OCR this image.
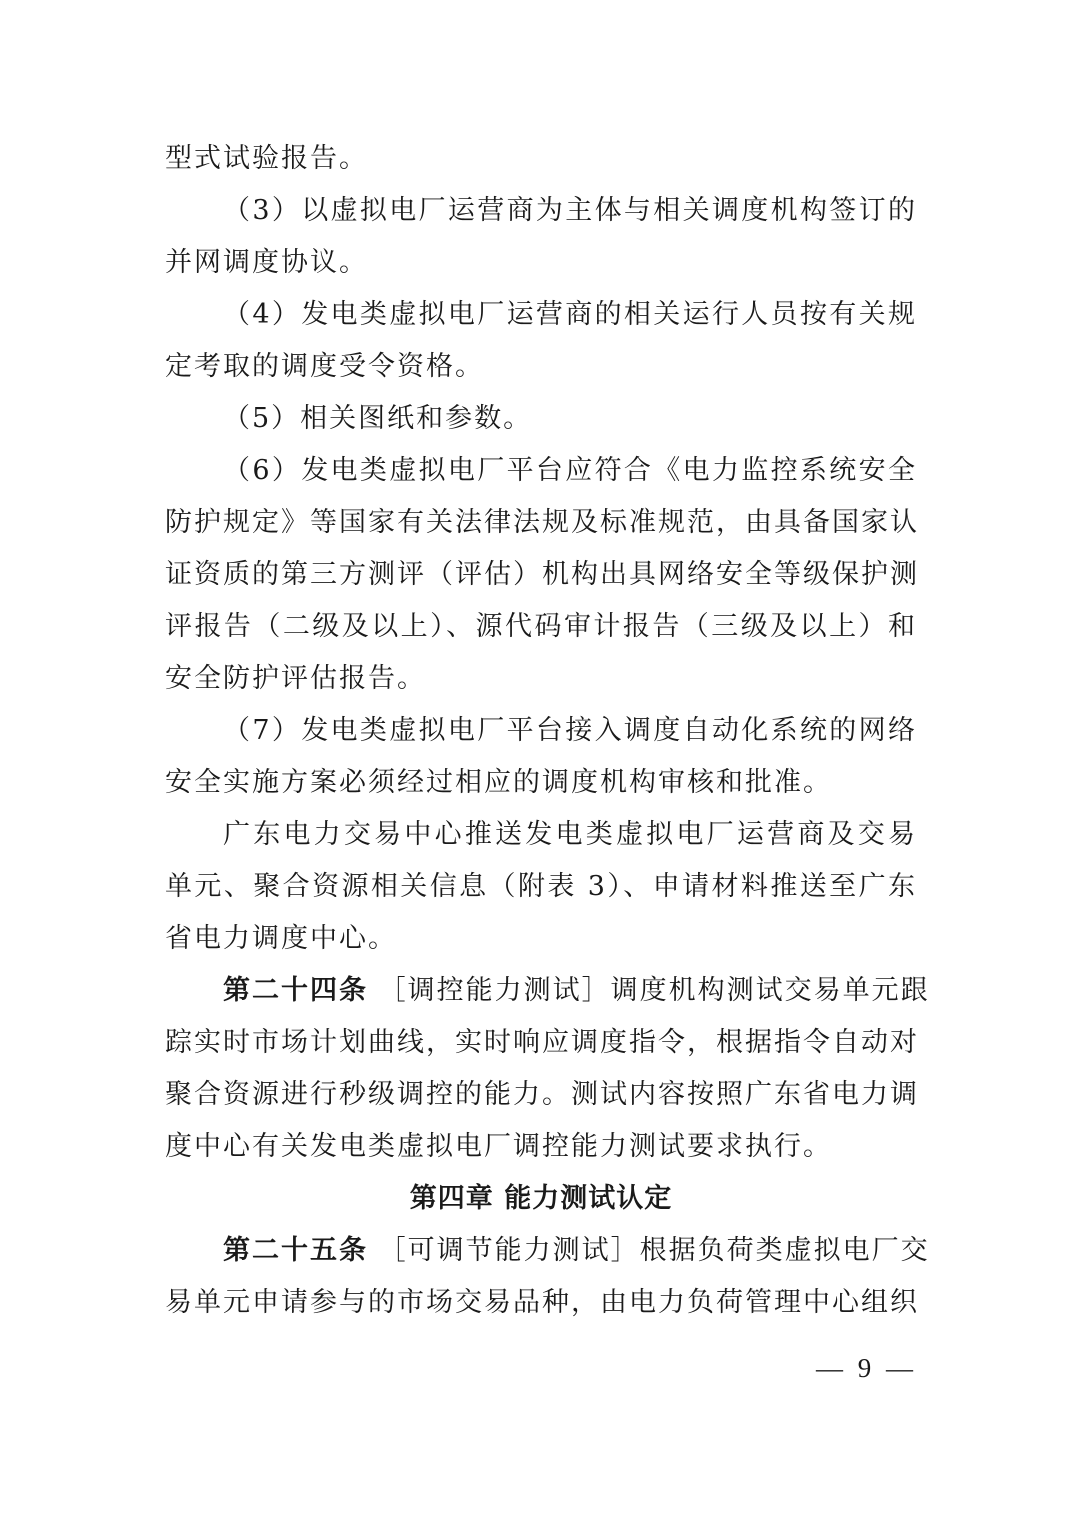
型式试验报告。
（3）以虚拟电厂运营商为主体与相关调度机构签订的
并网调度协议。
（4）发电类虚拟电厂运营商的相关运行人员按有关规
定考取的调度受令资格。
（5）相关图纸和参数。
（6）发电类虚拟电厂平台应符合《电力监控系统安全
防护规定》等国家有关法律法规及标准规范，由具备国家认
证资质的第三方测评（评估）机构出具网络安全等级保护测
评报告（二级及以上）、源代码审计报告（三级及以上）和
安全防护评估报告。
（7）发电类虚拟电厂平台接入调度自动化系统的网络
安全实施方案必须经过相应的调度机构审核和批准。
广东电力交易中心推送发电类虚拟电厂运营商及交易
单元、聚合资源相关信息（附表 3）、申请材料推送至广东
省电力调度中心。
第二十四条 ［调控能力测试］调度机构测试交易单元跟
踪实时市场计划曲线，实时响应调度指令，根据指令自动对
聚合资源进行秒级调控的能力。测试内容按照广东省电力调
度中心有关发电类虚拟电厂调控能力测试要求执行。
第四章 能力测试认定
第二十五条 ［可调节能力测试］根据负荷类虚拟电厂交
易单元申请参与的市场交易品种，由电力负荷管理中心组织
— 9 —
